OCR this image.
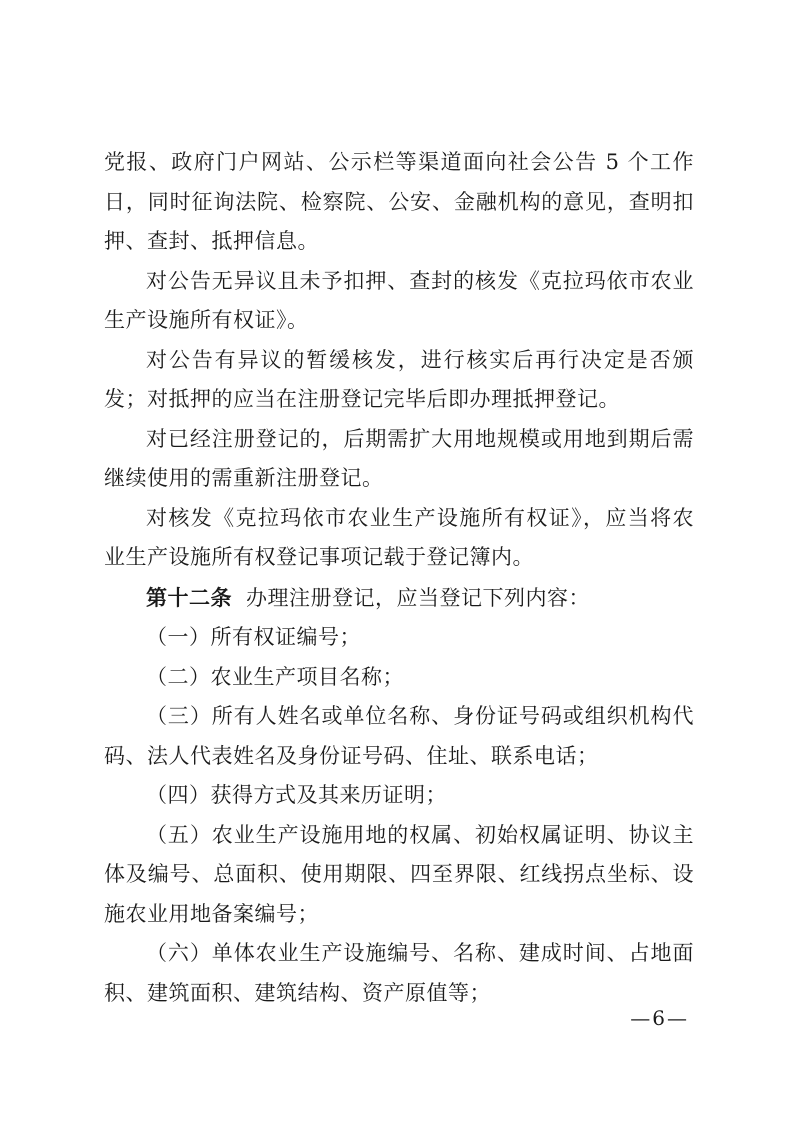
党报、政府门户网站、公示栏等渠道面向社会公告 5 个工作日，同时征询法院、检察院、公安、金融机构的意见，查明扣押、查封、抵押信息。

对公告无异议且未予扣押、查封的核发《克拉玛依市农业生产设施所有权证》。

对公告有异议的暂缓核发，进行核实后再行决定是否颁发；对抵押的应当在注册登记完毕后即办理抵押登记。

对已经注册登记的，后期需扩大用地规模或用地到期后需继续使用的需重新注册登记。

对核发《克拉玛依市农业生产设施所有权证》，应当将农业生产设施所有权登记事项记载于登记簿内。

第十二条 办理注册登记，应当登记下列内容：

（一）所有权证编号；

（二）农业生产项目名称；

（三）所有人姓名或单位名称、身份证号码或组织机构代码、法人代表姓名及身份证号码、住址、联系电话；

（四）获得方式及其来历证明；

（五）农业生产设施用地的权属、初始权属证明、协议主体及编号、总面积、使用期限、四至界限、红线拐点坐标、设施农业用地备案编号；

（六）单体农业生产设施编号、名称、建成时间、占地面积、建筑面积、建筑结构、资产原值等；

—6—
